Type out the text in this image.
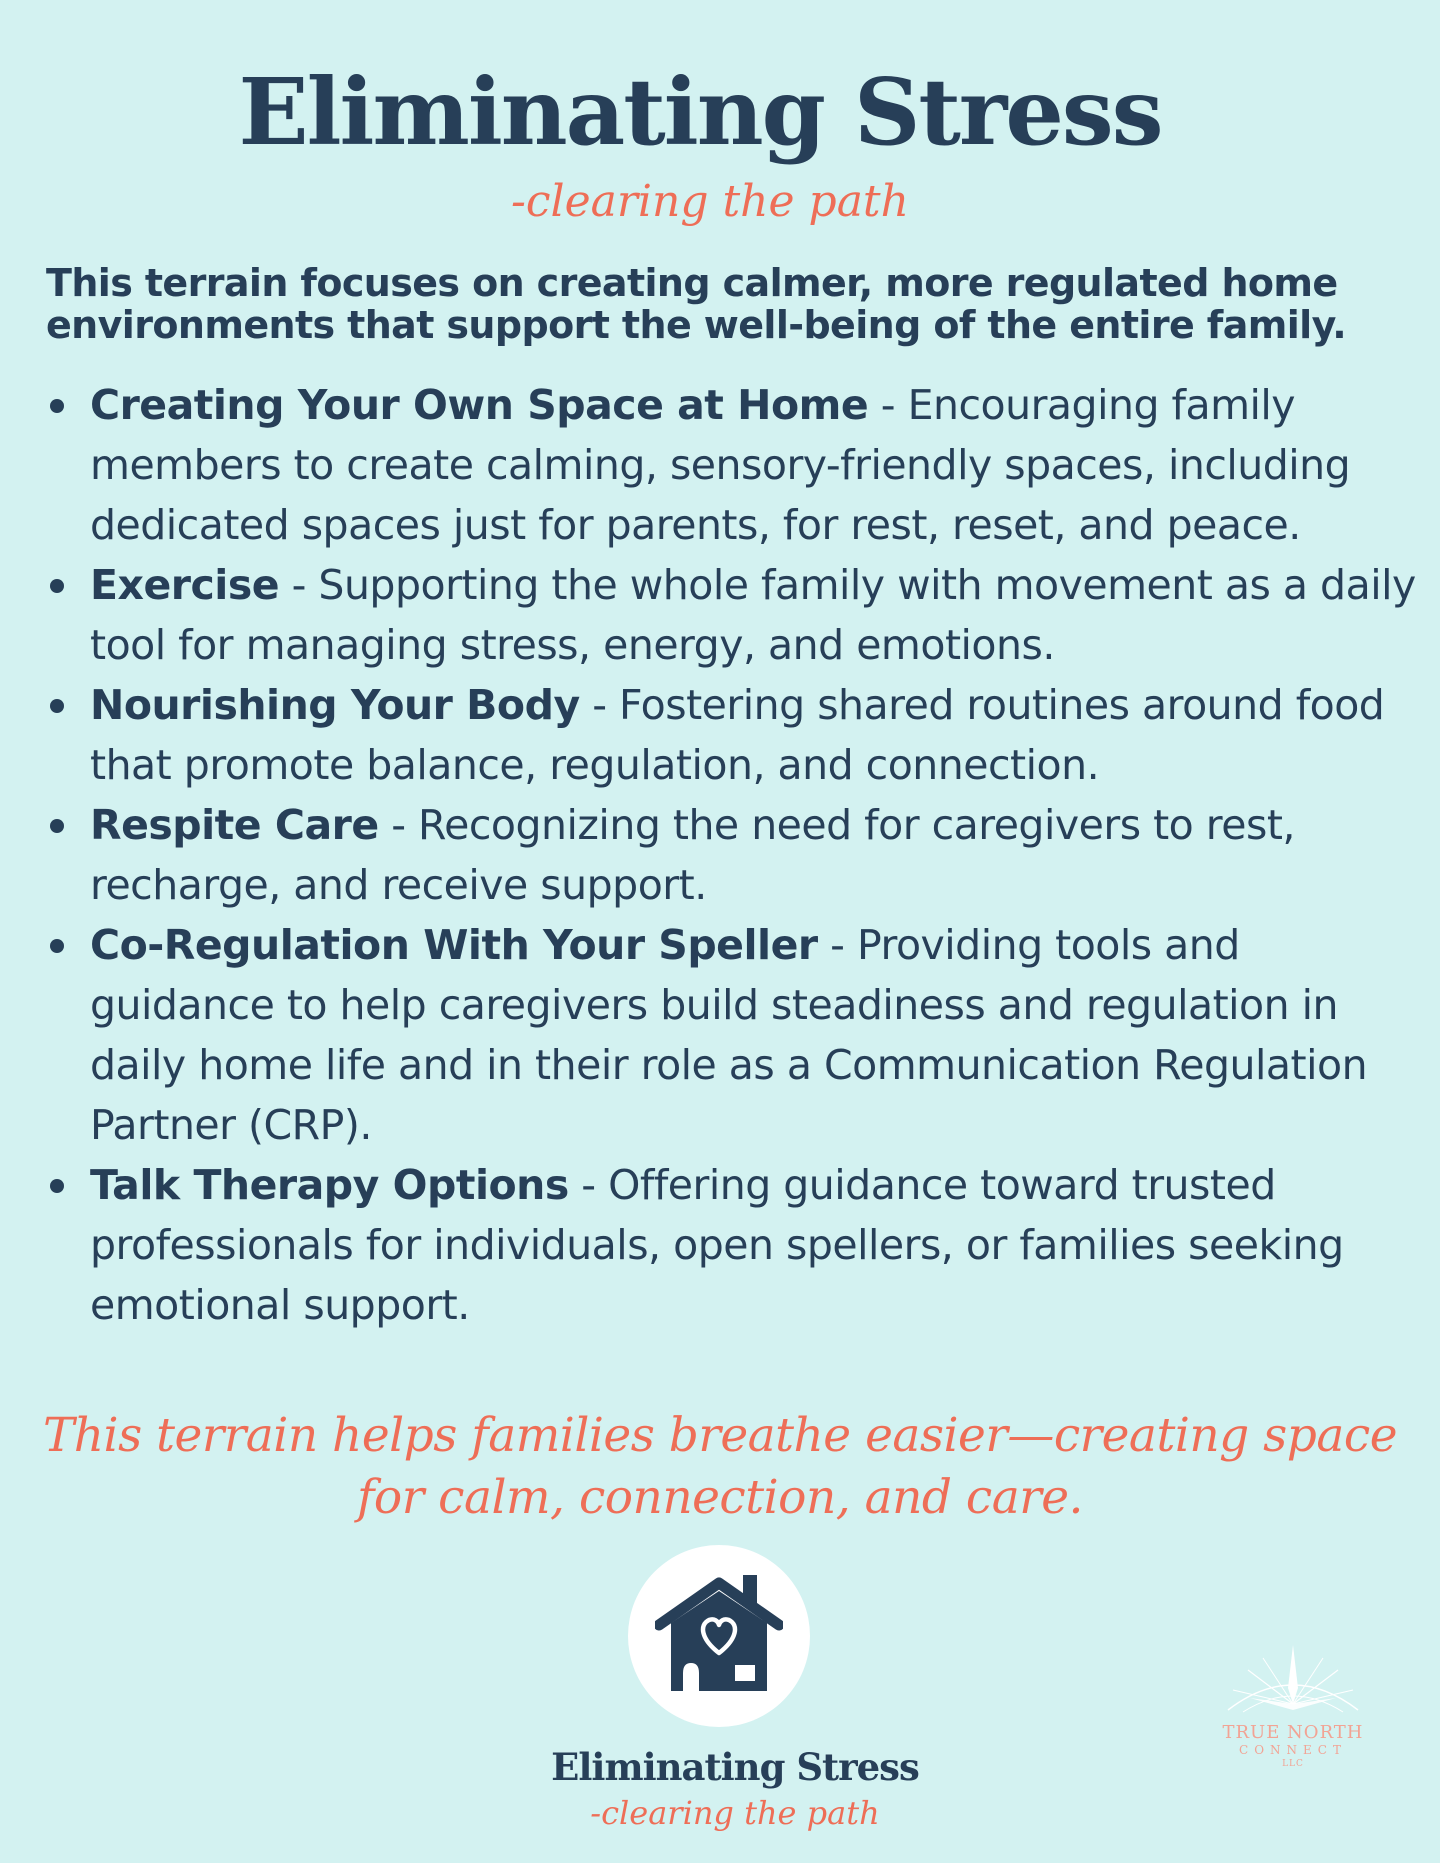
Eliminating Stress
-clearing the path
This terrain focuses on creating calmer, more regulated home environments that support the well-being of the entire family.
Creating Your Own Space at Home - Encouraging family members to create calming, sensory-friendly spaces, including dedicated spaces just for parents, for rest, reset, and peace.
Exercise - Supporting the whole family with movement as a daily tool for managing stress, energy, and emotions.
Nourishing Your Body - Fostering shared routines around food that promote balance, regulation, and connection.
Respite Care - Recognizing the need for caregivers to rest, recharge, and receive support.
Co-Regulation With Your Speller - Providing tools and guidance to help caregivers build steadiness and regulation in daily home life and in their role as a Communication Regulation Partner (CRP).
Talk Therapy Options - Offering guidance toward trusted professionals for individuals, open spellers, or families seeking emotional support.
This terrain helps families breathe easier—creating space for calm, connection, and care.
Eliminating Stress
-clearing the path
TRUE NORTH
CONNECT
LLC
